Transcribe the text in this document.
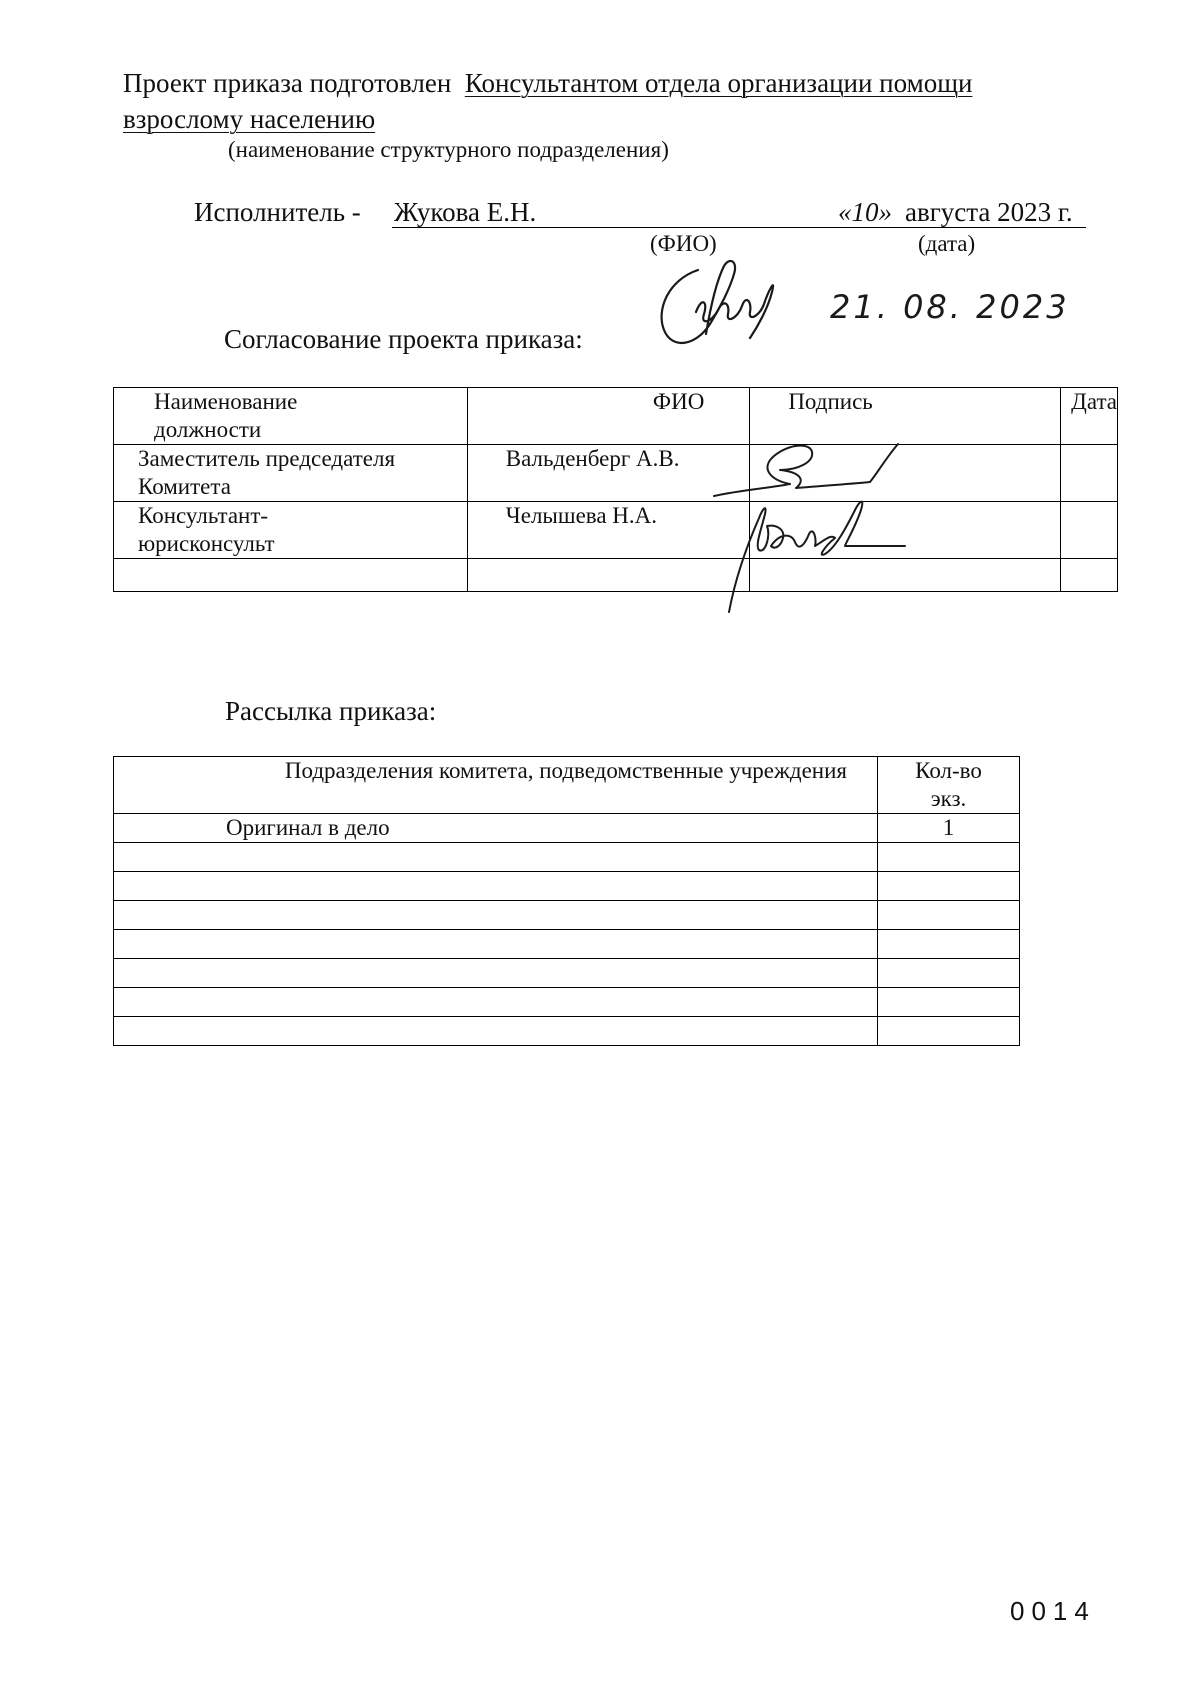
Проект приказа подготовлен Консультантом отдела организации помощи
взрослому населению
(наименование структурного подразделения)
Исполнитель - Жукова Е.Н.	«10» августа 2023 г.
(ФИО)	(дата)
21. 08. 2023
Согласование проекта приказа:
Наименование
должности	ФИО	Подпись	Дата

Заместитель председателя
Комитета	Вальденберг А.В.		

Консультант-
юрисконсульт	Челышева Н.А.		

Рассылка приказа:
Подразделения комитета, подведомственные учреждения	Кол-во
экз.

Оригинал в дело	1

0014
